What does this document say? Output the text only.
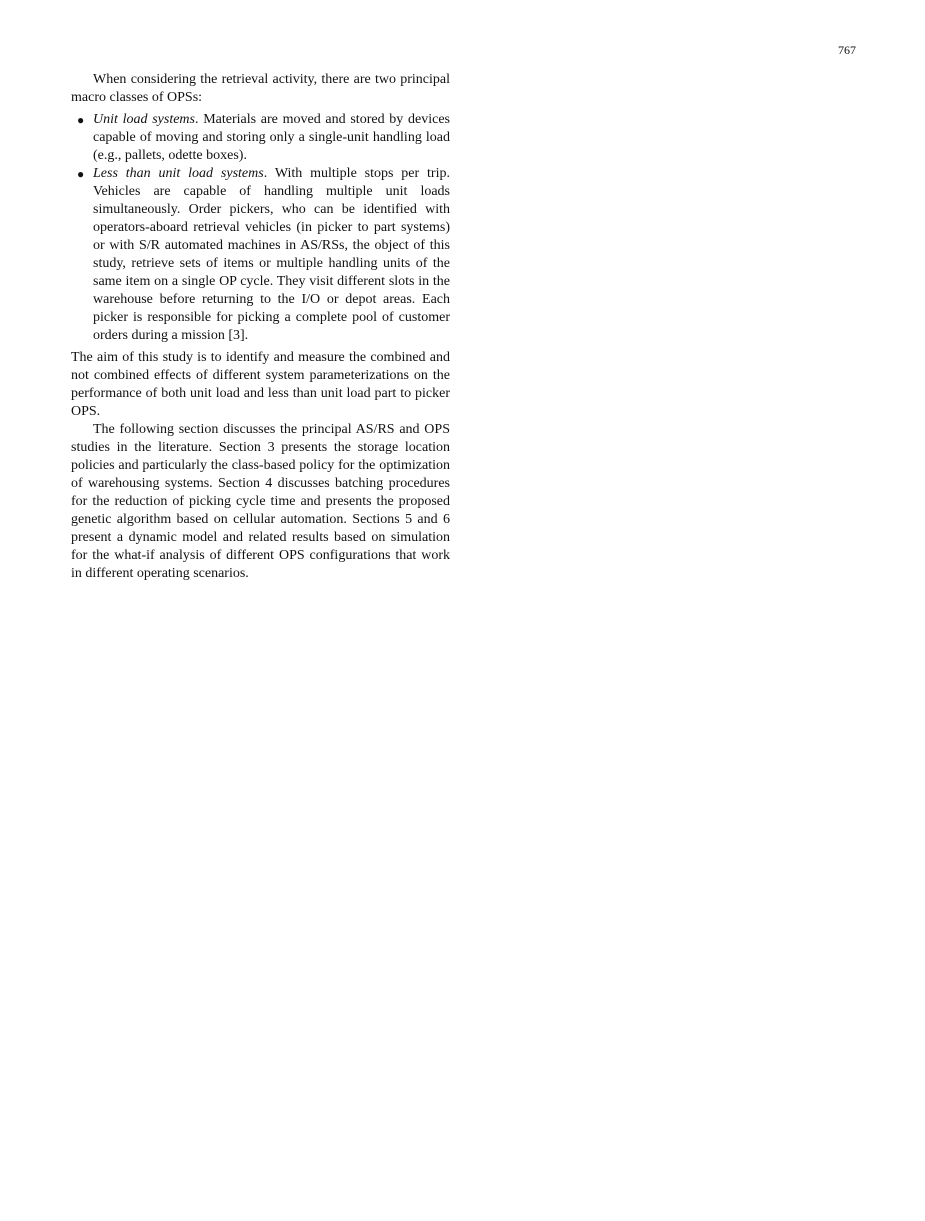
767

When considering the retrieval activity, there are two principal macro classes of OPSs:

● Unit load systems. Materials are moved and stored by devices capable of moving and storing only a single-unit handling load (e.g., pallets, odette boxes).
● Less than unit load systems. With multiple stops per trip. Vehicles are capable of handling multiple unit loads simultaneously. Order pickers, who can be identified with operators-aboard retrieval vehicles (in picker to part systems) or with S/R automated machines in AS/RSs, the object of this study, retrieve sets of items or multiple handling units of the same item on a single OP cycle. They visit different slots in the warehouse before returning to the I/O or depot areas. Each picker is responsible for picking a complete pool of customer orders during a mission [3].

The aim of this study is to identify and measure the combined and not combined effects of different system parameterizations on the performance of both unit load and less than unit load part to picker OPS.

The following section discusses the principal AS/RS and OPS studies in the literature. Section 3 presents the storage location policies and particularly the class-based policy for the optimization of warehousing systems. Section 4 discusses batching procedures for the reduction of picking cycle time and presents the proposed genetic algorithm based on cellular automation. Sections 5 and 6 present a dynamic model and related results based on simulation for the what-if analysis of different OPS configurations that work in different operating scenarios.
